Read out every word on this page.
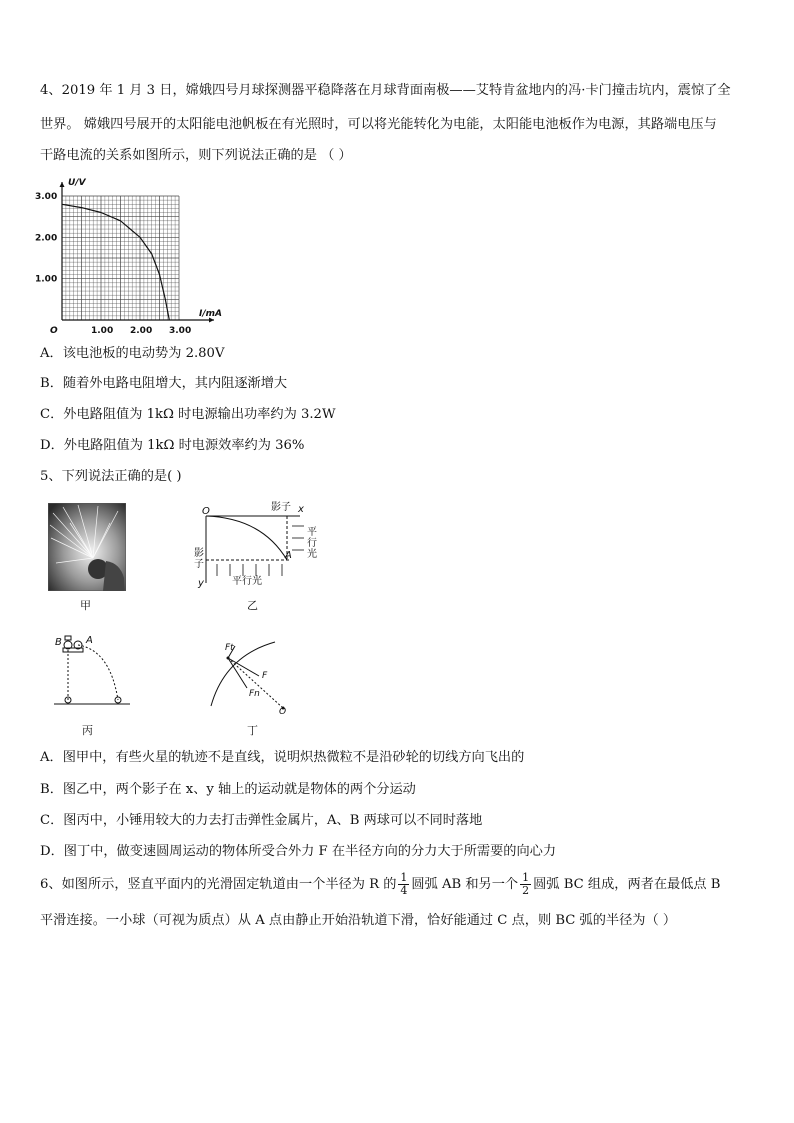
4、2019 年 1 月 3 日，嫦娥四号月球探测器平稳降落在月球背面南极——艾特肯盆地内的冯·卡门撞击坑内，震惊了全
世界。 嫦娥四号展开的太阳能电池帆板在有光照时，可以将光能转化为电能，太阳能电池板作为电源，其路端电压与
干路电流的关系如图所示，则下列说法正确的是 （ ）
1.00 2.00 3.00
1.00
2.00
3.00
O
I/mA
U/V
A．该电池板的电动势为 2.80V
B．随着外电路电阻增大，其内阻逐渐增大
C．外电路阻值为 1kΩ 时电源输出功率约为 3.2W
D．外电路阻值为 1kΩ 时电源效率约为 36%
5、下列说法正确的是( )
甲
O	影子 x
平
行
光
影
子
A
y	平行光
乙
B A
丙
Ft
F
Fn
O
丁
A．图甲中，有些火星的轨迹不是直线，说明炽热微粒不是沿砂轮的切线方向飞出的
B．图乙中，两个影子在 x、y 轴上的运动就是物体的两个分运动
C．图丙中，小锤用较大的力去打击弹性金属片，A、B 两球可以不同时落地
D．图丁中，做变速圆周运动的物体所受合外力 F 在半径方向的分力大于所需要的向心力
6、如图所示，竖直平面内的光滑固定轨道由一个半径为 R 的 $\frac{1}{4}$ 圆弧 AB 和另一个 $\frac{1}{2}$ 圆弧 BC 组成，两者在最低点 B
平滑连接。一小球（可视为质点）从 A 点由静止开始沿轨道下滑，恰好能通过 C 点，则 BC 弧的半径为（ ）
